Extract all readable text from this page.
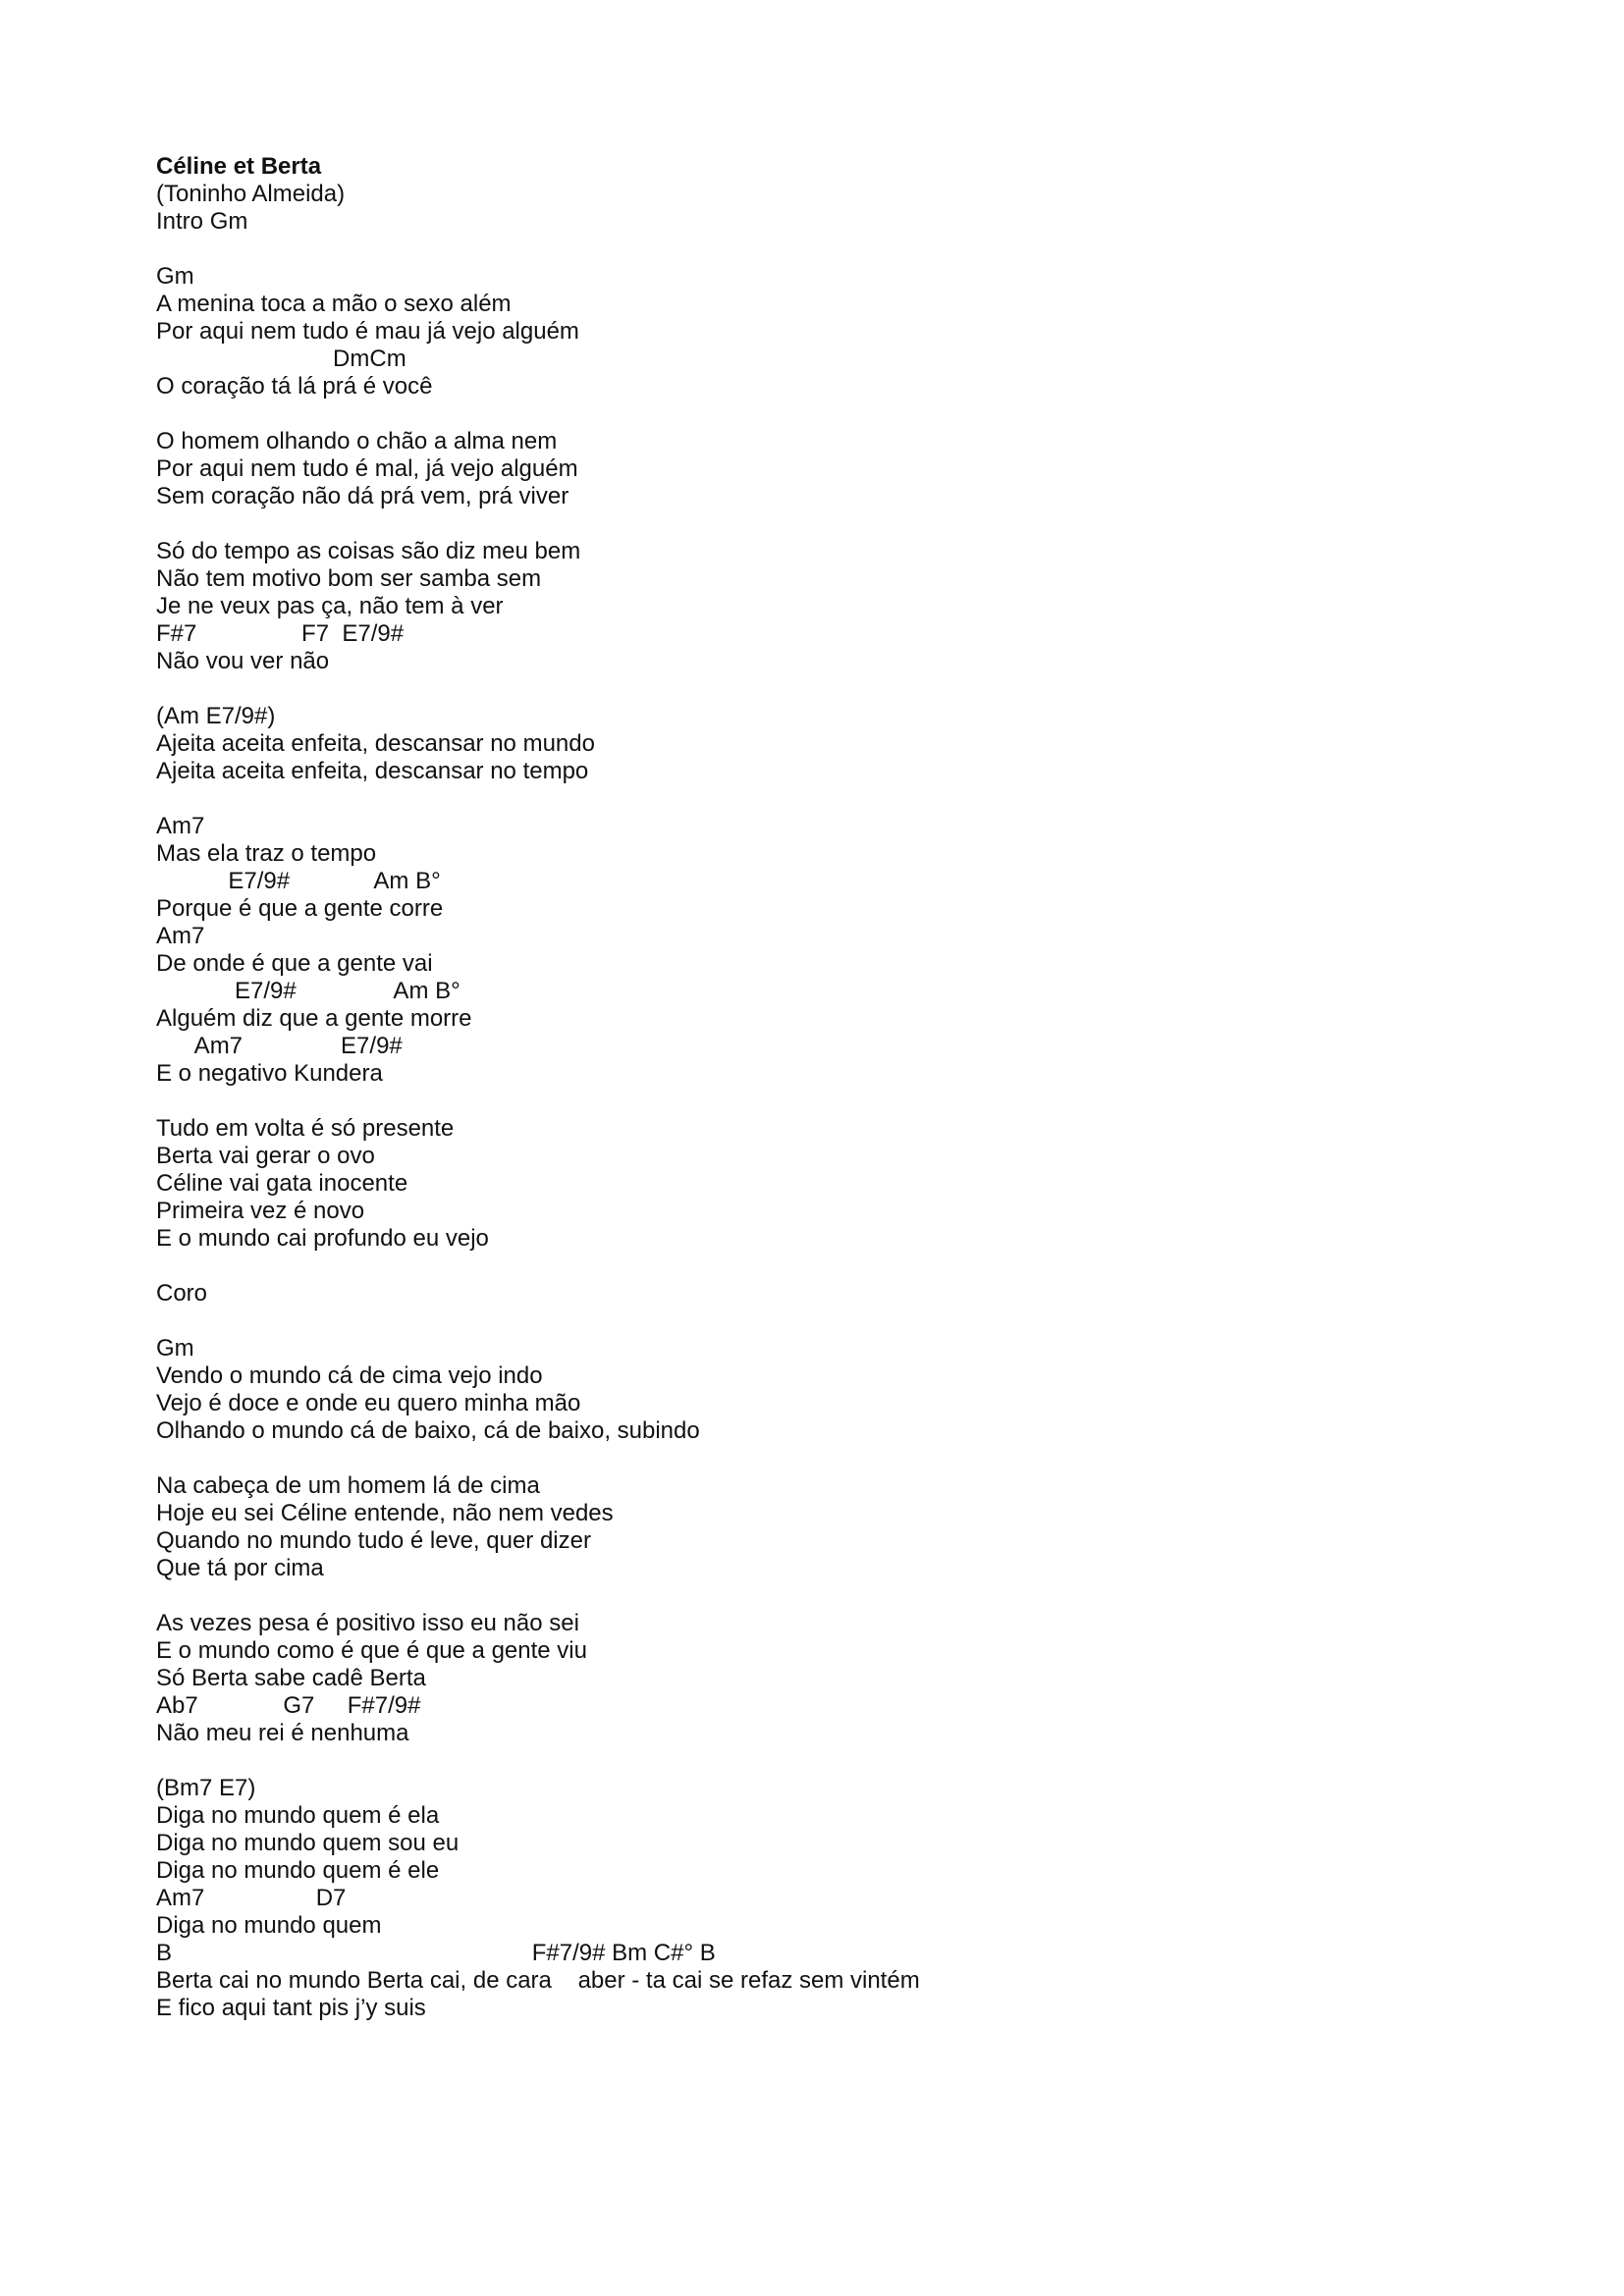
Céline et Berta
(Toninho Almeida)
Intro Gm
Gm
A menina toca a mão o sexo além
Por aqui nem tudo é mau já vejo alguém
DmCm
O coração tá lá prá é você
O homem olhando o chão a alma nem
Por aqui nem tudo é mal, já vejo alguém
Sem coração não dá prá vem, prá viver
Só do tempo as coisas são diz meu bem
Não tem motivo bom ser samba sem
Je ne veux pas ça, não tem à ver
F#7                F7  E7/9#
Não vou ver não
(Am E7/9#)
Ajeita aceita enfeita, descansar no mundo
Ajeita aceita enfeita, descansar no tempo
Am7
Mas ela traz o tempo
E7/9#             Am B°
Porque é que a gente corre
Am7
De onde é que a gente vai
E7/9#               Am B°
Alguém diz que a gente morre
Am7               E7/9#
E o negativo Kundera
Tudo em volta é só presente
Berta vai gerar o ovo
Céline vai gata inocente
Primeira vez é novo
E o mundo cai profundo eu vejo
Coro
Gm
Vendo o mundo cá de cima vejo indo
Vejo é doce e onde eu quero minha mão
Olhando o mundo cá de baixo, cá de baixo, subindo
Na cabeça de um homem lá de cima
Hoje eu sei Céline entende, não nem vedes
Quando no mundo tudo é leve, quer dizer
Que tá por cima
As vezes pesa é positivo isso eu não sei
E o mundo como é que é que a gente viu
Só Berta sabe cadê Berta
Ab7             G7     F#7/9#
Não meu rei é nenhuma
(Bm7 E7)
Diga no mundo quem é ela
Diga no mundo quem sou eu
Diga no mundo quem é ele
Am7                 D7
Diga no mundo quem
B                                                       F#7/9# Bm C#° B
Berta cai no mundo Berta cai, de cara    aber - ta cai se refaz sem vintém
E fico aqui tant pis j’y suis
